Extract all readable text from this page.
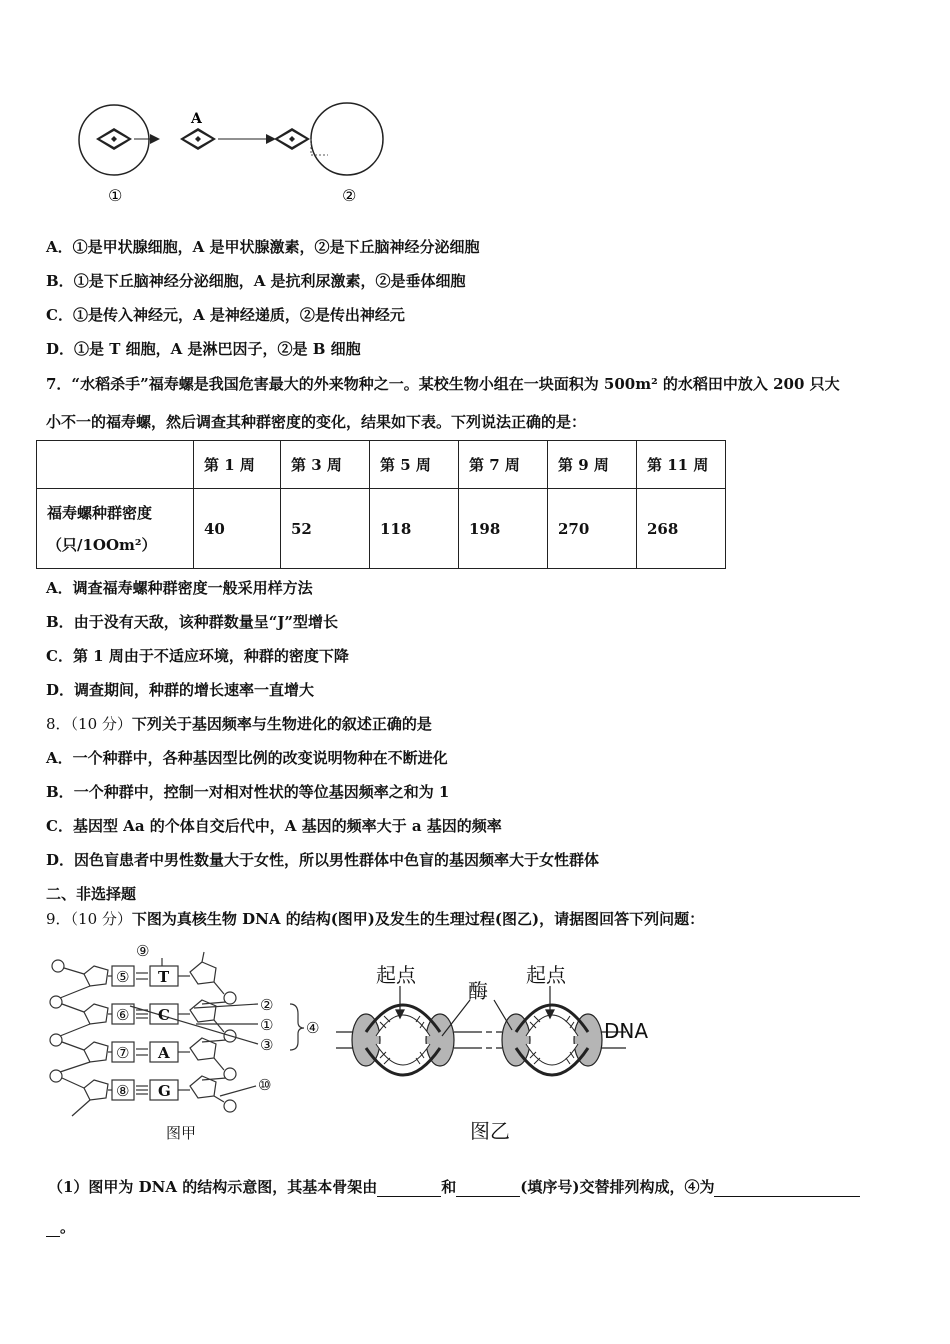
A
①	②
A．①是甲状腺细胞，A 是甲状腺激素，②是下丘脑神经分泌细胞
B．①是下丘脑神经分泌细胞，A 是抗利尿激素，②是垂体细胞
C．①是传入神经元，A 是神经递质，②是传出神经元
D．①是 T 细胞，A 是淋巴因子，②是 B 细胞
7．“水稻杀手”福寿螺是我国危害最大的外来物种之一。某校生物小组在一块面积为 500m² 的水稻田中放入 200 只大
小不一的福寿螺，然后调查其种群密度的变化，结果如下表。下列说法正确的是：
	第 1 周	第 3 周	第 5 周	第 7 周	第 9 周	第 11 周

福寿螺种群密度
（只/1OOm²）	40	52	118	198	270	268
A．调查福寿螺种群密度一般采用样方法
B．由于没有天敌，该种群数量呈“J”型增长
C．第 1 周由于不适应环境，种群的密度下降
D．调查期间，种群的增长速率一直增大
8．（10 分）下列关于基因频率与生物进化的叙述正确的是
A．一个种群中，各种基因型比例的改变说明物种在不断进化
B．一个种群中，控制一对相对性状的等位基因频率之和为 1
C．基因型 Aa 的个体自交后代中，A 基因的频率大于 a 基因的频率
D．因色盲患者中男性数量大于女性，所以男性群体中色盲的基因频率大于女性群体
二、非选择题
9．（10 分）下图为真核生物 DNA 的结构(图甲)及发生的生理过程(图乙)，请据图回答下列问题：
⑤
⑥
⑦
⑧
⑨
②
①
③
④
⑩
T
C
A
G
图甲
起点
酶
起点
DNA
图乙
（1）图甲为 DNA 的结构示意图，其基本骨架由	和	(填序号)交替排列构成，④为
。
